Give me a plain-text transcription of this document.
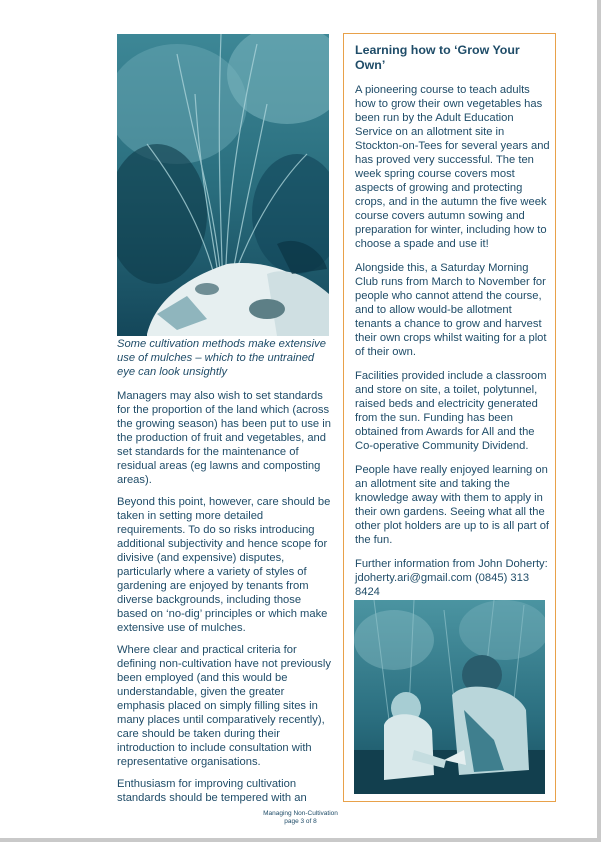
Some cultivation methods make extensive use of mulches – which to the untrained eye can look unsightly

Managers may also wish to set standards for the proportion of the land which (across the growing season) has been put to use in the production of fruit and vegetables, and set standards for the maintenance of residual areas (eg lawns and composting areas).

Beyond this point, however, care should be taken in setting more detailed requirements. To do so risks introducing additional subjectivity and hence scope for divisive (and expensive) disputes, particularly where a variety of styles of gardening are enjoyed by tenants from diverse backgrounds, including those based on ‘no-dig’ principles or which make extensive use of mulches.

Where clear and practical criteria for defining non-cultivation have not previously been employed (and this would be understandable, given the greater emphasis placed on simply filling sites in many places until comparatively recently), care should be taken during their introduction to include consultation with representative organisations.

Enthusiasm for improving cultivation standards should be tempered with an

Learning how to ‘Grow Your Own’

A pioneering course to teach adults how to grow their own vegetables has been run by the Adult Education Service on an allotment site in Stockton-on-Tees for several years and has proved very successful. The ten week spring course covers most aspects of growing and protecting crops, and in the autumn the five week course covers autumn sowing and preparation for winter, including how to choose a spade and use it!

Alongside this, a Saturday Morning Club runs from March to November for people who cannot attend the course, and to allow would-be allotment tenants a chance to grow and harvest their own crops whilst waiting for a plot of their own.

Facilities provided include a classroom and store on site, a toilet, polytunnel, raised beds and electricity generated from the sun. Funding has been obtained from Awards for All and the Co-operative Community Dividend.

People have really enjoyed learning on an allotment site and taking the knowledge away with them to apply in their own gardens. Seeing what all the other plot holders are up to is all part of the fun.

Further information from John Doherty: jdoherty.ari@gmail.com (0845) 313 8424

Managing Non-Cultivation
page 3 of 8
